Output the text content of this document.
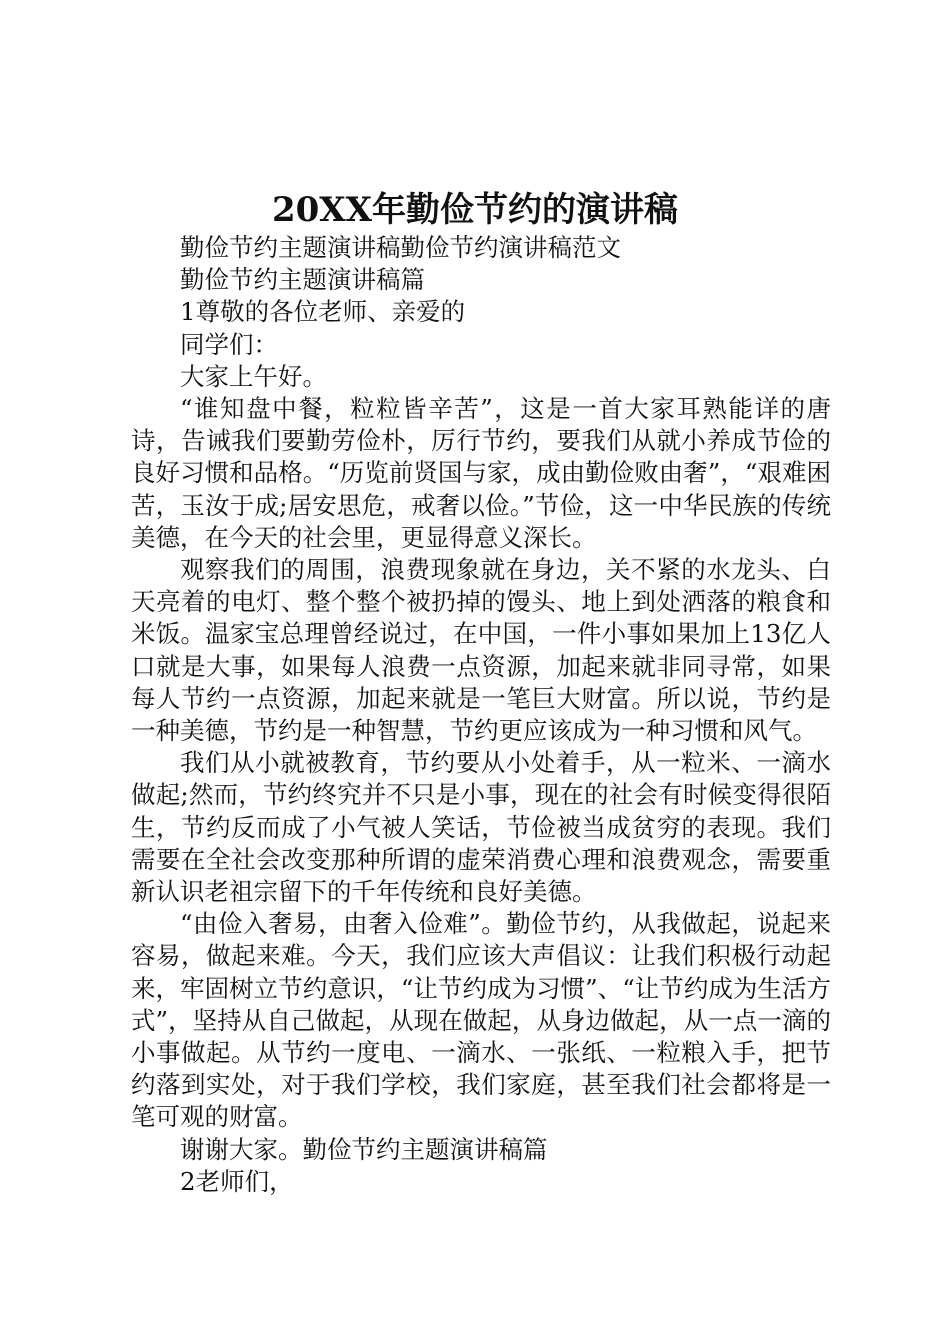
20XX年勤俭节约的演讲稿

勤俭节约主题演讲稿勤俭节约演讲稿范文

勤俭节约主题演讲稿篇

1尊敬的各位老师、亲爱的

同学们：

大家上午好。

“谁知盘中餐，粒粒皆辛苦”，这是一首大家耳熟能详的唐诗，告诫我们要勤劳俭朴，厉行节约，要我们从就小养成节俭的良好习惯和品格。“历览前贤国与家，成由勤俭败由奢”，“艰难困苦，玉汝于成;居安思危，戒奢以俭。”节俭，这一中华民族的传统美德，在今天的社会里，更显得意义深长。

观察我们的周围，浪费现象就在身边，关不紧的水龙头、白天亮着的电灯、整个整个被扔掉的馒头、地上到处洒落的粮食和米饭。温家宝总理曾经说过，在中国，一件小事如果加上13亿人口就是大事，如果每人浪费一点资源，加起来就非同寻常，如果每人节约一点资源，加起来就是一笔巨大财富。所以说，节约是一种美德，节约是一种智慧，节约更应该成为一种习惯和风气。

我们从小就被教育，节约要从小处着手，从一粒米、一滴水做起;然而，节约终究并不只是小事，现在的社会有时候变得很陌生，节约反而成了小气被人笑话，节俭被当成贫穷的表现。我们需要在全社会改变那种所谓的虚荣消费心理和浪费观念，需要重新认识老祖宗留下的千年传统和良好美德。

“由俭入奢易，由奢入俭难”。勤俭节约，从我做起，说起来容易，做起来难。今天，我们应该大声倡议：让我们积极行动起来，牢固树立节约意识，“让节约成为习惯”、“让节约成为生活方式”，坚持从自己做起，从现在做起，从身边做起，从一点一滴的小事做起。从节约一度电、一滴水、一张纸、一粒粮入手，把节约落到实处，对于我们学校，我们家庭，甚至我们社会都将是一笔可观的财富。

谢谢大家。勤俭节约主题演讲稿篇

2老师们，
